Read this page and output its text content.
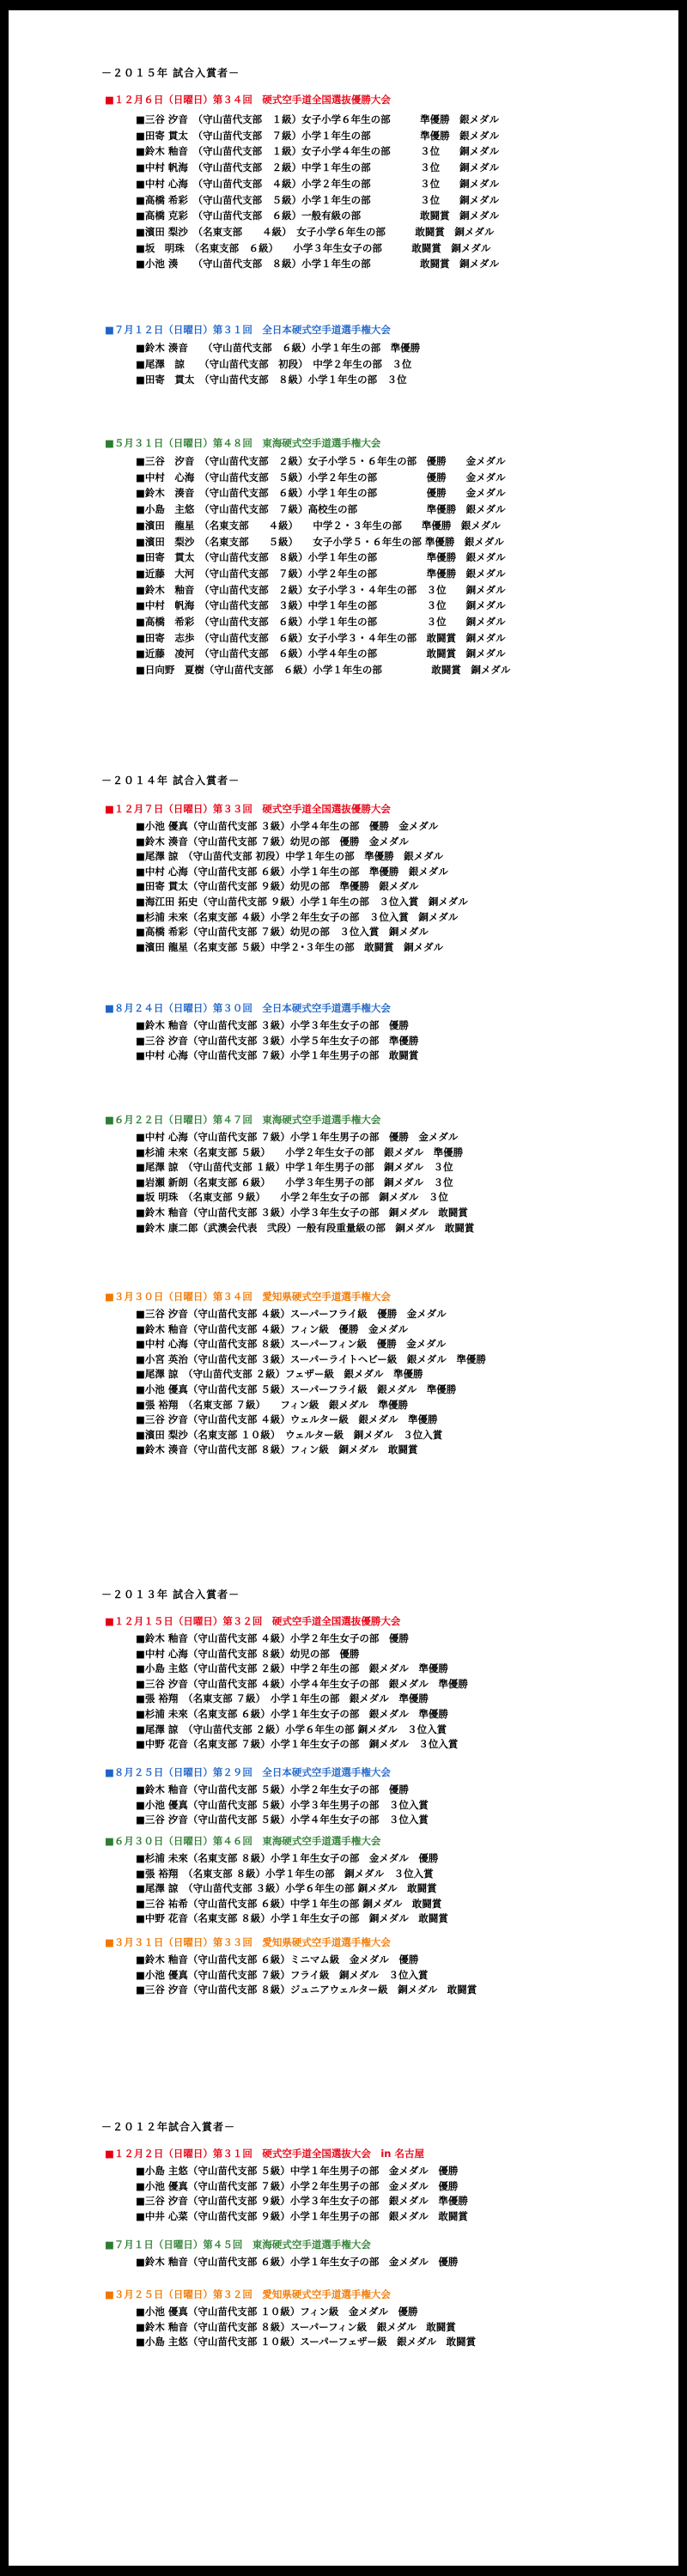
－２０１５年 試合入賞者－
■１２月６日（日曜日）第３４回　硬式空手道全国選抜優勝大会
■三谷 汐音　（守山苗代支部　１級）女子小学６年生の部　　　準優勝　銀メダル
■田寄 貫太　（守山苗代支部　７級）小学１年生の部　　　　　準優勝　銀メダル
■鈴木 釉音　（守山苗代支部　１級）女子小学４年生の部　　　３位　　銅メダル
■中村 帆海　（守山苗代支部　２級）中学１年生の部　　　　　３位　　銅メダル
■中村 心海　（守山苗代支部　４級）小学２年生の部　　　　　３位　　銅メダル
■高橋 希彩　（守山苗代支部　５級）小学１年生の部　　　　　３位　　銅メダル
■高橋 克彩　（守山苗代支部　６級）一般有級の部　　　　　　敢闘賞　銅メダル
■濱田 梨沙　（名東支部　　４級）　女子小学６年生の部　　　敢闘賞　銅メダル
■坂　明珠　（名東支部　６級）　　小学３年生女子の部　　　敢闘賞　銅メダル
■小池 湊　　（守山苗代支部　８級）小学１年生の部　　　　　敢闘賞　銅メダル
■７月１２日（日曜日）第３１回　全日本硬式空手道選手権大会
■鈴木 湊音　　（守山苗代支部　６級）小学１年生の部　準優勝
■尾澤　諒　　（守山苗代支部　初段）　中学２年生の部　３位
■田寄　貫太　（守山苗代支部　８級）小学１年生の部　３位
■５月３１日（日曜日）第４８回　東海硬式空手道選手権大会
■三谷　汐音　（守山苗代支部　２級）女子小学５・６年生の部　優勝　　金メダル
■中村　心海　（守山苗代支部　５級）小学２年生の部　　　　　優勝　　金メダル
■鈴木　湊音　（守山苗代支部　６級）小学１年生の部　　　　　優勝　　金メダル
■小島　主悠　（守山苗代支部　７級）高校生の部　　　　　　　準優勝　銀メダル
■濱田　龍星　（名東支部　　４級）　　中学２・３年生の部　　準優勝　銀メダル
■濱田　梨沙　（名東支部　　５級）　　女子小学５・６年生の部 準優勝　銀メダル
■田寄　貫太　（守山苗代支部　８級）小学１年生の部　　　　　準優勝　銀メダル
■近藤　大河　（守山苗代支部　７級）小学２年生の部　　　　　準優勝　銀メダル
■鈴木　釉音　（守山苗代支部　２級）女子小学３・４年生の部　３位　　銅メダル
■中村　帆海　（守山苗代支部　３級）中学１年生の部　　　　　３位　　銅メダル
■高橋　希彩　（守山苗代支部　６級）小学１年生の部　　　　　３位　　銅メダル
■田寄　志歩　（守山苗代支部　６級）女子小学３・４年生の部　敢闘賞　銅メダル
■近藤　凌河　（守山苗代支部　６級）小学４年生の部　　　　　敢闘賞　銅メダル
■日向野　夏樹（守山苗代支部　６級）小学１年生の部　　　　　敢闘賞　銅メダル
－２０１４年 試合入賞者－
■１２月７日（日曜日）第３３回　硬式空手道全国選抜優勝大会
■小池 優真（守山苗代支部 ３級）小学４年生の部　優勝　金メダル
■鈴木 湊音（守山苗代支部 ７級）幼児の部　優勝　金メダル
■尾澤 諒　（守山苗代支部 初段）中学１年生の部　準優勝　銀メダル
■中村 心海（守山苗代支部 ６級）小学１年生の部　準優勝　銀メダル
■田寄 貫太（守山苗代支部 ９級）幼児の部　準優勝　銀メダル
■海江田 拓史（守山苗代支部 ９級）小学１年生の部　３位入賞　銅メダル
■杉浦 未來（名東支部 ４級）小学２年生女子の部　３位入賞　銅メダル
■高橋 希彩（守山苗代支部 ７級）幼児の部　３位入賞　銅メダル
■濱田 龍星（名東支部 ５級）中学２･３年生の部　敢闘賞　銅メダル
■８月２４日（日曜日）第３０回　全日本硬式空手道選手権大会
■鈴木 釉音（守山苗代支部 ３級）小学３年生女子の部　優勝
■三谷 汐音（守山苗代支部 ３級）小学５年生女子の部　準優勝
■中村 心海（守山苗代支部 ７級）小学１年生男子の部　敢闘賞
■６月２２日（日曜日）第４７回　東海硬式空手道選手権大会
■中村 心海（守山苗代支部 ７級）小学１年生男子の部　優勝　金メダル
■杉浦 未來（名東支部 ５級）　　小学２年生女子の部　銀メダル　準優勝
■尾澤 諒　（守山苗代支部 １級）中学１年生男子の部　銅メダル　３位
■岩瀬 新朗（名東支部 ６級）　　小学３年生男子の部　銅メダル　３位
■坂 明珠　（名東支部 ９級）　　小学２年生女子の部　銅メダル　３位
■鈴木 釉音（守山苗代支部 ３級）小学３年生女子の部　銅メダル　敢闘賞
■鈴木 康二郎（武澳会代表　弐段）一般有段重量級の部　銅メダル　敢闘賞
■３月３０日（日曜日）第３４回　愛知県硬式空手道選手権大会
■三谷 汐音（守山苗代支部 ４級）スーパーフライ級　優勝　金メダル
■鈴木 釉音（守山苗代支部 ４級）フィン級　優勝　金メダル
■中村 心海（守山苗代支部 ８級）スーパーフィン級　優勝　金メダル
■小宮 英治（守山苗代支部 ３級）スーパーライトヘビー級　銀メダル　準優勝
■尾澤 諒　（守山苗代支部 ２級）フェザー級　銀メダル　準優勝
■小池 優真（守山苗代支部 ５級）スーパーフライ級　銀メダル　準優勝
■張 裕翔　（名東支部 ７級）　　フィン級　銀メダル　準優勝
■三谷 汐音（守山苗代支部 ４級）ウェルター級　銀メダル　準優勝
■濱田 梨沙（名東支部 １０級）　ウェルター級　銅メダル　３位入賞
■鈴木 湊音（守山苗代支部 ８級）フィン級　銅メダル　敢闘賞
－２０１３年 試合入賞者－
■１２月１５日（日曜日）第３２回　硬式空手道全国選抜優勝大会
■鈴木 釉音（守山苗代支部 ４級）小学２年生女子の部　優勝
■中村 心海（守山苗代支部 ８級）幼児の部　優勝
■小島 主悠（守山苗代支部 ２級）中学２年生の部　銀メダル　準優勝
■三谷 汐音（守山苗代支部 ４級）小学４年生女子の部　銀メダル　準優勝
■張 裕翔　（名東支部 ７級）　小学１年生の部　銀メダル　準優勝
■杉浦 未來（名東支部 ６級）小学１年生女子の部　銀メダル　準優勝
■尾澤 諒　（守山苗代支部 ２級）小学６年生の部 銅メダル　３位入賞
■中野 花音（名東支部 ７級）小学１年生女子の部　銅メダル　３位入賞
■８月２５日（日曜日）第２９回　全日本硬式空手道選手権大会
■鈴木 釉音（守山苗代支部 ５級）小学２年生女子の部　優勝
■小池 優真（守山苗代支部 ５級）小学３年生男子の部　３位入賞
■三谷 汐音（守山苗代支部 ５級）小学４年生女子の部　３位入賞
■６月３０日（日曜日）第４６回　東海硬式空手道選手権大会
■杉浦 未來（名東支部 ８級）小学１年生女子の部　金メダル　優勝
■張 裕翔　（名東支部 ８級）小学１年生の部　銅メダル　３位入賞
■尾澤 諒　（守山苗代支部 ３級）小学６年生の部 銅メダル　敢闘賞
■三谷 祐希（守山苗代支部 ６級）中学１年生の部 銅メダル　敢闘賞
■中野 花音（名東支部 ８級）小学１年生女子の部　銅メダル　敢闘賞
■３月３１日（日曜日）第３３回　愛知県硬式空手道選手権大会
■鈴木 釉音（守山苗代支部 ６級）ミニマム級　金メダル　優勝
■小池 優真（守山苗代支部 ７級）フライ級　銅メダル　３位入賞
■三谷 汐音（守山苗代支部 ８級）ジュニアウェルター級　銅メダル　敢闘賞
－２０１２年試合入賞者－
■１２月２日（日曜日）第３１回　硬式空手道全国選抜大会　in 名古屋
■小島 主悠（守山苗代支部 ５級）中学１年生男子の部　金メダル　優勝
■小池 優真（守山苗代支部 ７級）小学２年生男子の部　金メダル　優勝
■三谷 汐音（守山苗代支部 ９級）小学３年生女子の部　銀メダル　準優勝
■中井 心菜（守山苗代支部 ９級）小学１年生男子の部　銀メダル　敢闘賞
■７月１日（日曜日）第４５回　東海硬式空手道選手権大会
■鈴木 釉音（守山苗代支部 ６級）小学１年生女子の部　金メダル　優勝
■３月２５日（日曜日）第３２回　愛知県硬式空手道選手権大会
■小池 優真（守山苗代支部 １０級）フィン級　金メダル　優勝
■鈴木 釉音（守山苗代支部 ８級）スーパーフィン級　銀メダル　敢闘賞
■小島 主悠（守山苗代支部 １０級）スーパーフェザー級　銀メダル　敢闘賞
